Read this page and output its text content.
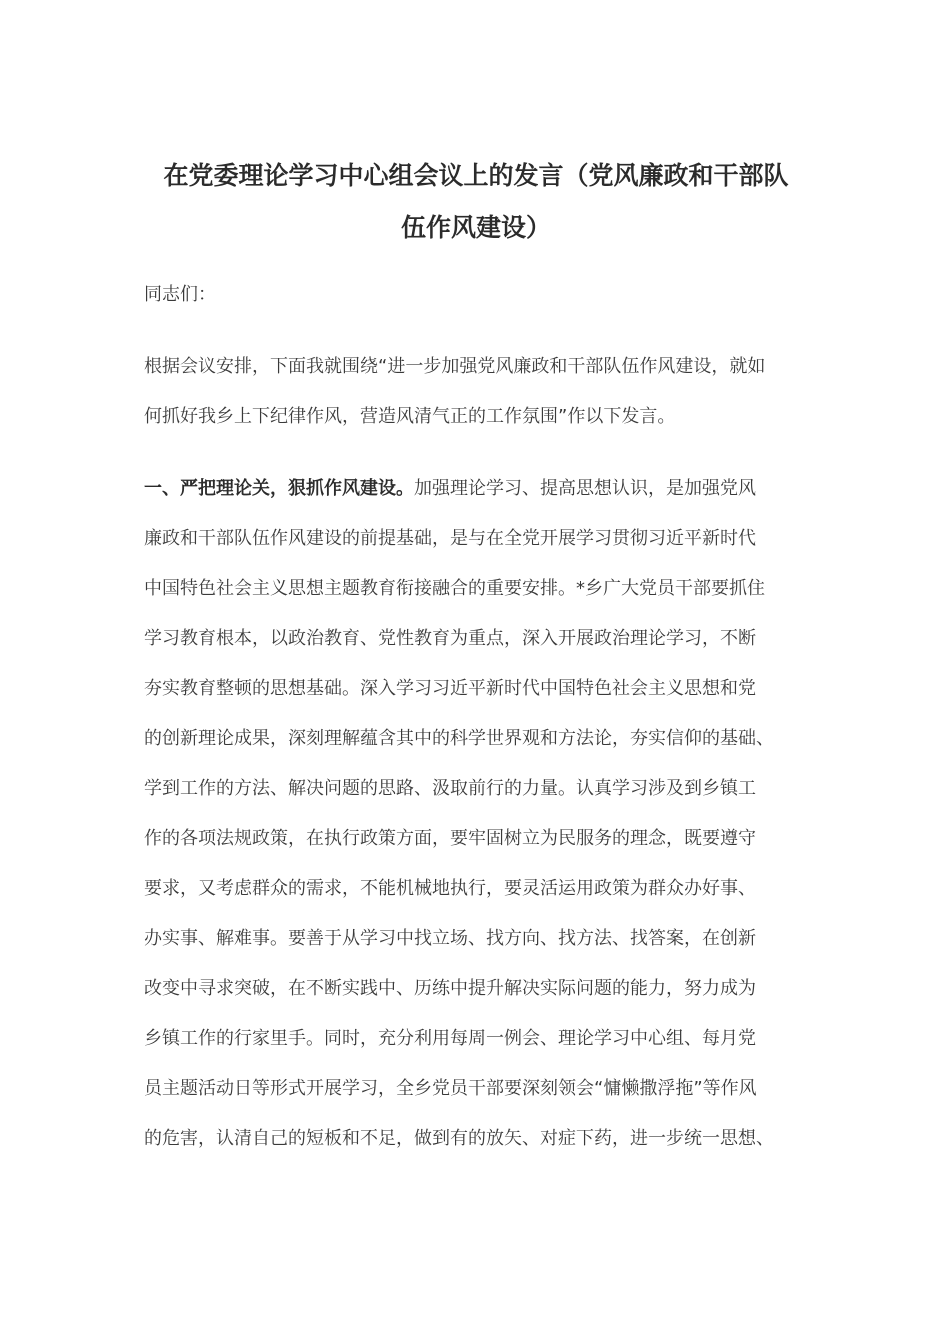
在党委理论学习中心组会议上的发言（党风廉政和干部队
伍作风建设）

同志们：

根据会议安排，下面我就围绕“进一步加强党风廉政和干部队伍作风建设，就如
何抓好我乡上下纪律作风，营造风清气正的工作氛围”作以下发言。

一、严把理论关，狠抓作风建设。加强理论学习、提高思想认识，是加强党风
廉政和干部队伍作风建设的前提基础，是与在全党开展学习贯彻习近平新时代
中国特色社会主义思想主题教育衔接融合的重要安排。*乡广大党员干部要抓住
学习教育根本，以政治教育、党性教育为重点，深入开展政治理论学习，不断
夯实教育整顿的思想基础。深入学习习近平新时代中国特色社会主义思想和党
的创新理论成果，深刻理解蕴含其中的科学世界观和方法论，夯实信仰的基础、
学到工作的方法、解决问题的思路、汲取前行的力量。认真学习涉及到乡镇工
作的各项法规政策，在执行政策方面，要牢固树立为民服务的理念，既要遵守
要求，又考虑群众的需求，不能机械地执行，要灵活运用政策为群众办好事、
办实事、解难事。要善于从学习中找立场、找方向、找方法、找答案，在创新
改变中寻求突破，在不断实践中、历练中提升解决实际问题的能力，努力成为
乡镇工作的行家里手。同时，充分利用每周一例会、理论学习中心组、每月党
员主题活动日等形式开展学习，全乡党员干部要深刻领会“慵懒撒浮拖”等作风
的危害，认清自己的短板和不足，做到有的放矢、对症下药，进一步统一思想、
